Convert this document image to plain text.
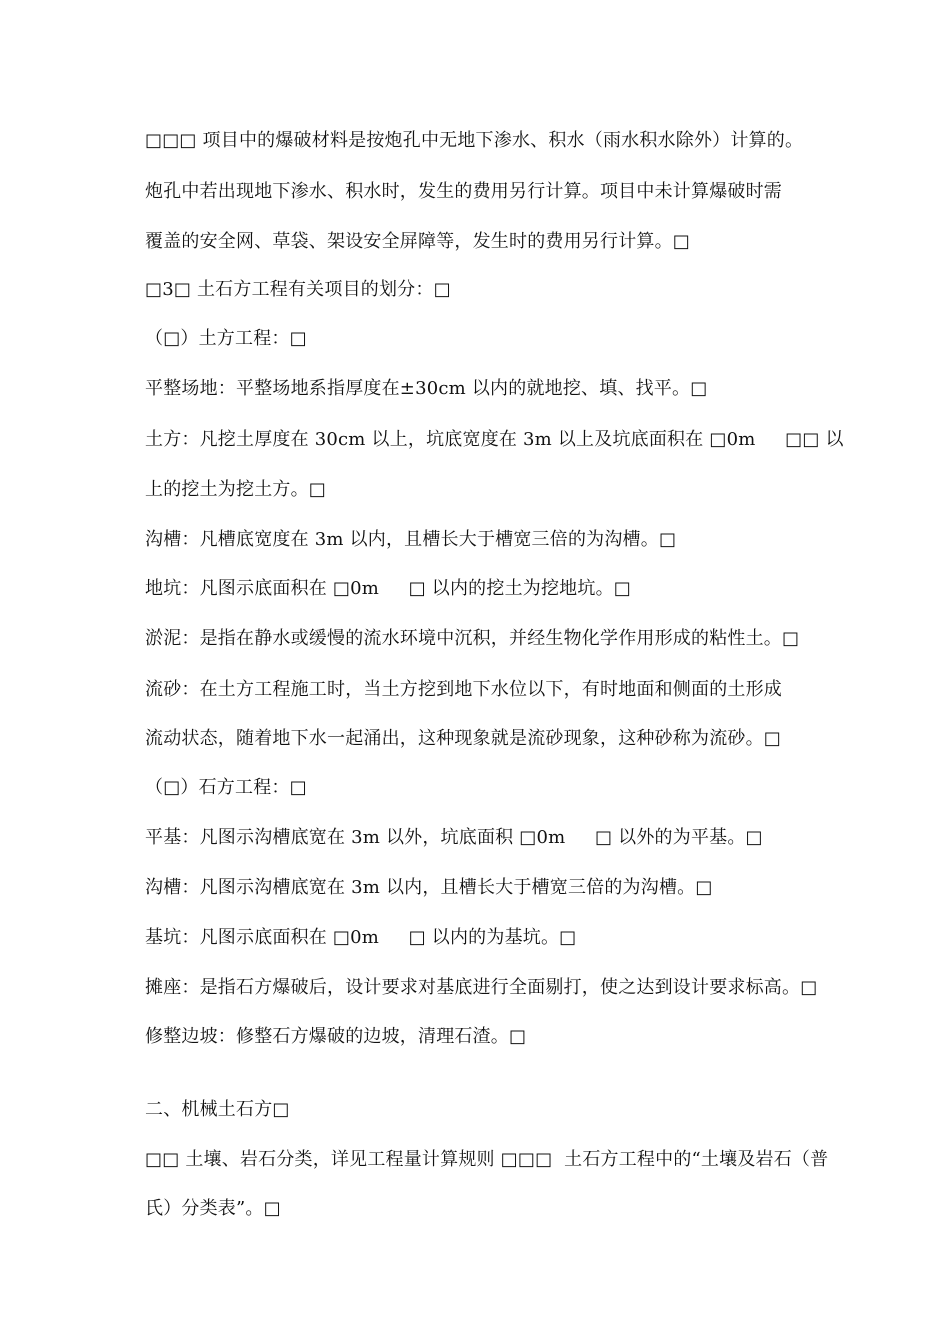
□□□ 项目中的爆破材料是按炮孔中无地下渗水、积水（雨水积水除外）计算的。
炮孔中若出现地下渗水、积水时，发生的费用另行计算。项目中未计算爆破时需
覆盖的安全网、草袋、架设安全屏障等，发生时的费用另行计算。□
□3□ 土石方工程有关项目的划分：□
（□）土方工程：□
平整场地：平整场地系指厚度在±30cm 以内的就地挖、填、找平。□
土方：凡挖土厚度在 30cm 以上，坑底宽度在 3m 以上及坑底面积在 □0m     □□ 以
上的挖土为挖土方。□
沟槽：凡槽底宽度在 3m 以内，且槽长大于槽宽三倍的为沟槽。□
地坑：凡图示底面积在 □0m     □ 以内的挖土为挖地坑。□
淤泥：是指在静水或缓慢的流水环境中沉积，并经生物化学作用形成的粘性土。□
流砂：在土方工程施工时，当土方挖到地下水位以下，有时地面和侧面的土形成
流动状态，随着地下水一起涌出，这种现象就是流砂现象，这种砂称为流砂。□
（□）石方工程：□
平基：凡图示沟槽底宽在 3m 以外，坑底面积 □0m     □ 以外的为平基。□
沟槽：凡图示沟槽底宽在 3m 以内，且槽长大于槽宽三倍的为沟槽。□
基坑：凡图示底面积在 □0m     □ 以内的为基坑。□
摊座：是指石方爆破后，设计要求对基底进行全面剔打，使之达到设计要求标高。□
修整边坡：修整石方爆破的边坡，清理石渣。□
二、机械土石方□
□□ 土壤、岩石分类，详见工程量计算规则 □□□  土石方工程中的“土壤及岩石（普
氏）分类表”。□
